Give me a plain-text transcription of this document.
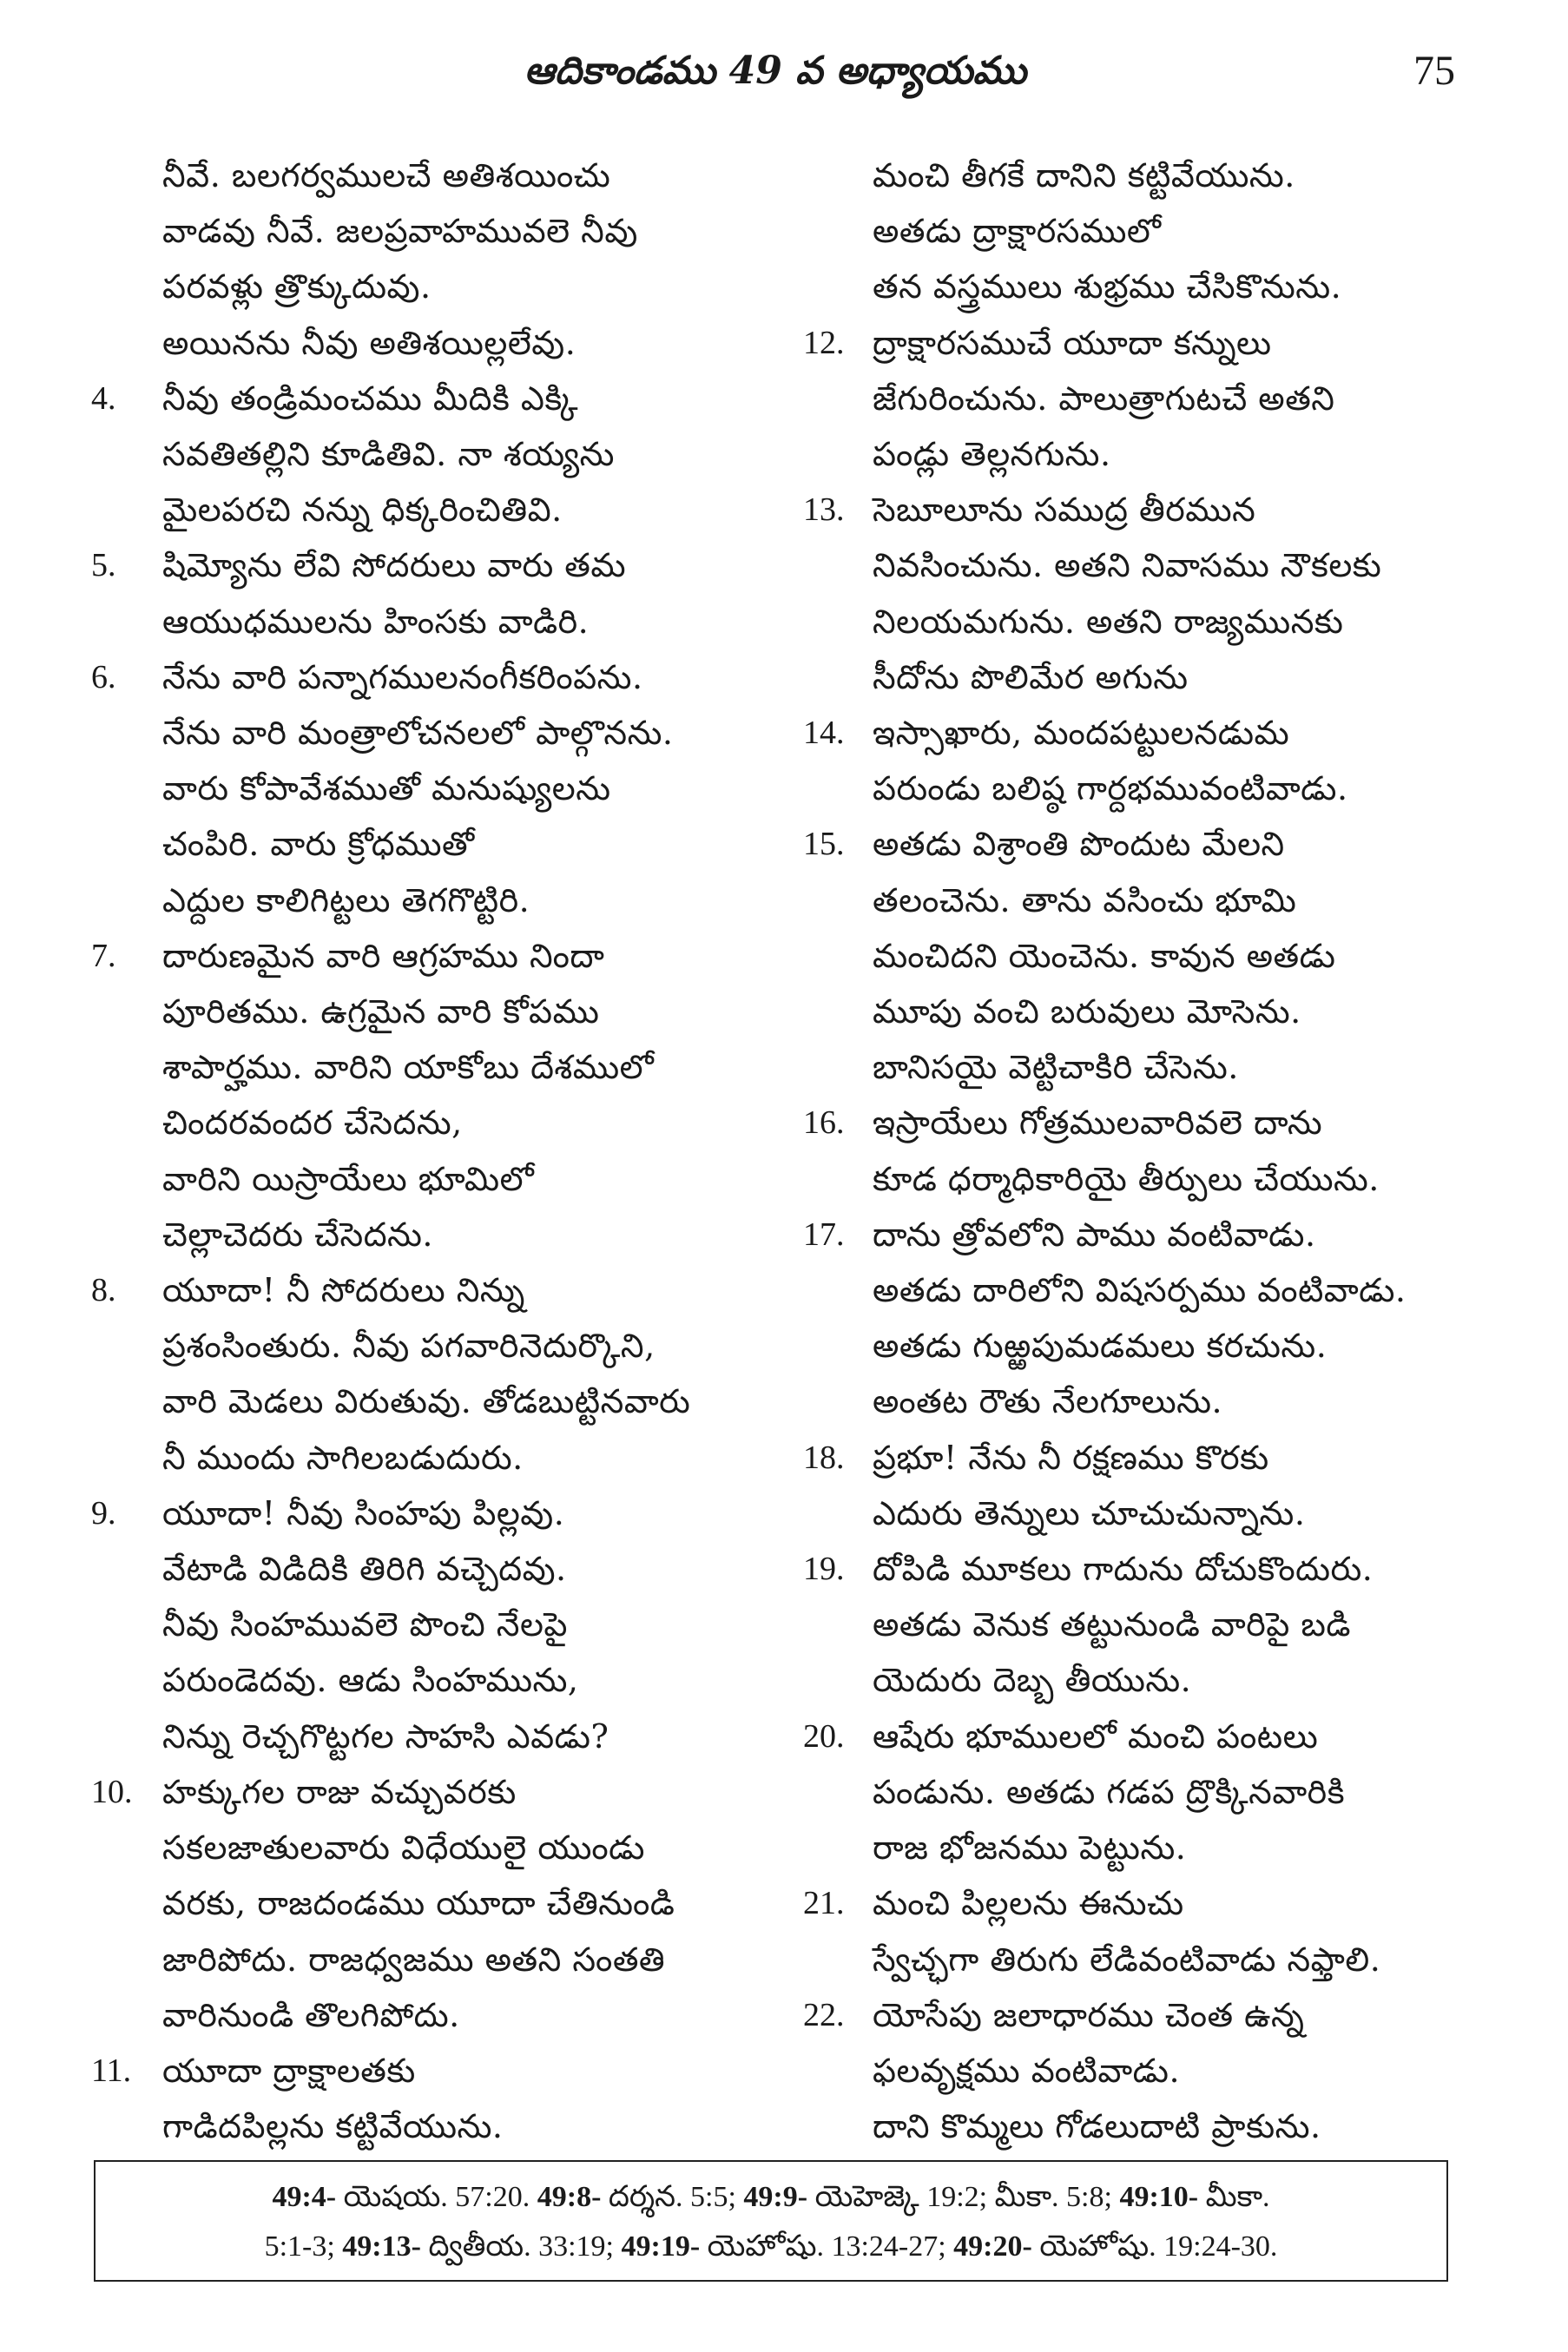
ఆదికాండము 49 వ అధ్యాయము	75
నీవే. బలగర్వములచే అతిశయించు
వాడవు నీవే. జలప్రవాహమువలె నీవు
పరవళ్లు త్రొక్కుదువు.
అయినను నీవు అతిశయిల్లలేవు.
4.	నీవు తండ్రిమంచము మీదికి ఎక్కి
సవతితల్లిని కూడితివి. నా శయ్యను
మైలపరచి నన్ను ధిక్కరించితివి.
5.	షిమ్యోను లేవి సోదరులు వారు తమ
ఆయుధములను హింసకు వాడిరి.
6.	నేను వారి పన్నాగములనంగీకరింపను.
నేను వారి మంత్రాలోచనలలో పాల్గొనను.
వారు కోపావేశముతో మనుష్యులను
చంపిరి. వారు క్రోధముతో
ఎద్దుల కాలిగిట్టలు తెగగొట్టిరి.
7.	దారుణమైన వారి ఆగ్రహము నిందా
పూరితము. ఉగ్రమైన వారి కోపము
శాపార్హము. వారిని యాకోబు దేశములో
చిందరవందర చేసెదను,
వారిని యిస్రాయేలు భూమిలో
చెల్లాచెదరు చేసెదను.
8.	యూదా! నీ సోదరులు నిన్ను
ప్రశంసింతురు. నీవు పగవారినెదుర్కొని,
వారి మెడలు విరుతువు. తోడబుట్టినవారు
నీ ముందు సాగిలబడుదురు.
9.	యూదా! నీవు సింహపు పిల్లవు.
వేటాడి విడిదికి తిరిగి వచ్చెదవు.
నీవు సింహమువలె పొంచి నేలపై
పరుండెదవు. ఆడు సింహమును,
నిన్ను రెచ్చగొట్టగల సాహసి ఎవడు?
10. హక్కుగల రాజు వచ్చువరకు
సకలజాతులవారు విధేయులై యుండు
వరకు, రాజదండము యూదా చేతినుండి
జారిపోదు. రాజధ్వజము అతని సంతతి
వారినుండి తొలగిపోదు.
11. యూదా ద్రాక్షాలతకు
గాడిదపిల్లను కట్టివేయును.
మంచి తీగకే దానిని కట్టివేయును.
అతడు ద్రాక్షారసములో
తన వస్త్రములు శుభ్రము చేసికొనును.
12. ద్రాక్షారసముచే యూదా కన్నులు
జేగురించును. పాలుత్రాగుటచే అతని
పండ్లు తెల్లనగును.
13. సెబూలూను సముద్ర తీరమున
నివసించును. అతని నివాసము నౌకలకు
నిలయమగును. అతని రాజ్యమునకు
సీదోను పొలిమేర అగును
14. ఇస్సాఖారు, మందపట్టులనడుమ
పరుండు బలిష్ఠ గార్దభమువంటివాడు.
15. అతడు విశ్రాంతి పొందుట మేలని
తలంచెను. తాను వసించు భూమి
మంచిదని యెంచెను. కావున అతడు
మూపు వంచి బరువులు మోసెను.
బానిసయై వెట్టిచాకిరి చేసెను.
16. ఇస్రాయేలు గోత్రములవారివలె దాను
కూడ ధర్మాధికారియై తీర్పులు చేయును.
17. దాను త్రోవలోని పాము వంటివాడు.
అతడు దారిలోని విషసర్పము వంటివాడు.
అతడు గుఱ్ఱపుమడమలు కరచును.
అంతట రౌతు నేలగూలును.
18. ప్రభూ! నేను నీ రక్షణము కొరకు
ఎదురు తెన్నులు చూచుచున్నాను.
19. దోపిడి మూకలు గాదును దోచుకొందురు.
అతడు వెనుక తట్టునుండి వారిపై బడి
యెదురు దెబ్బ తీయును.
20. ఆషేరు భూములలో మంచి పంటలు
పండును. అతడు గడప ద్రొక్కినవారికి
రాజ భోజనము పెట్టును.
21. మంచి పిల్లలను ఈనుచు
స్వేచ్ఛగా తిరుగు లేడివంటివాడు నఫ్తాలి.
22. యోసేపు జలాధారము చెంత ఉన్న
ఫలవృక్షము వంటివాడు.
దాని కొమ్మలు గోడలుదాటి ప్రాకును.
49:4- యెషయ. 57:20. 49:8- దర్శన. 5:5; 49:9- యెహెజ్కె 19:2; మీకా. 5:8; 49:10- మీకా.
5:1-3; 49:13- ద్వితీయ. 33:19; 49:19- యెహోషు. 13:24-27; 49:20- యెహోషు. 19:24-30.
